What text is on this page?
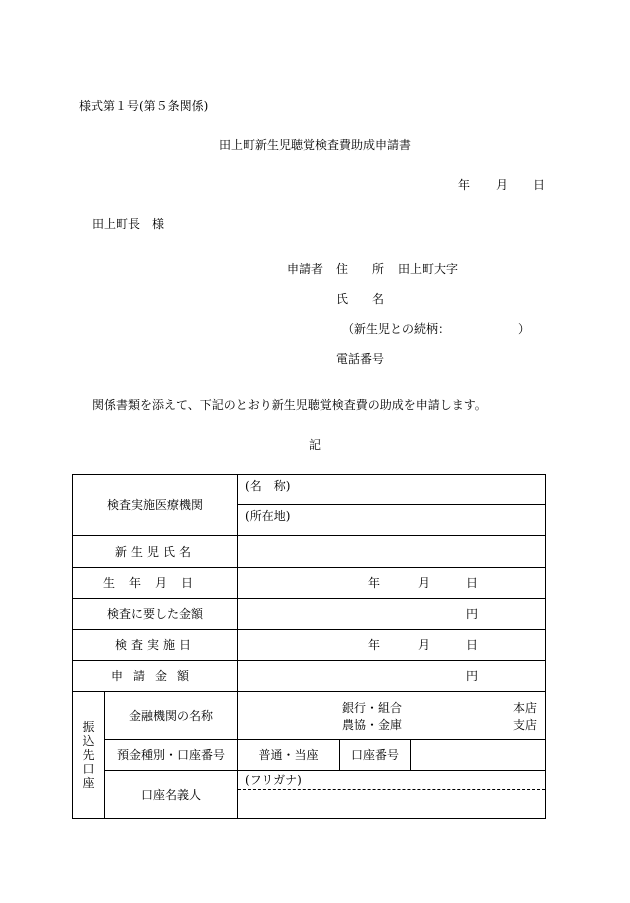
様式第１号(第５条関係)
田上町新生児聴覚検査費助成申請書
年 月 日
田上町長　様
申請者 住　　所 田上町大字
氏　　名
（新生児との続柄：	）
電話番号
関係書類を添えて、下記のとおり新生児聴覚検査費の助成を申請します。
記
検査実施医療機関		(名　称)		
		(所在地)		
新生児氏名				
生年月日		年 月 日		

検査に要した金額		円		

検査実施日		年 月 日		

申請金額		円		

振込先口座	金融機関の名称	銀行・組合
農協・金庫
本店
支店		

	預金種別・口座番号	普通・当座	口座番号	
	口座名義人	(フリガナ)		
